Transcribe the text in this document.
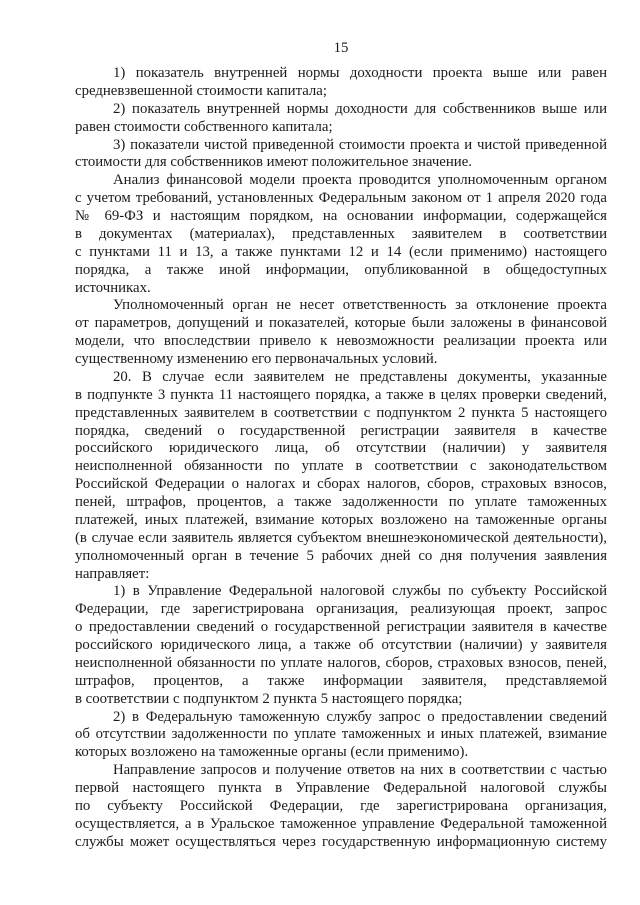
15
1) показатель внутренней нормы доходности проекта выше или равен
средневзвешенной стоимости капитала;
2) показатель внутренней нормы доходности для собственников выше или
равен стоимости собственного капитала;
3) показатели чистой приведенной стоимости проекта и чистой приведенной
стоимости для собственников имеют положительное значение.
Анализ финансовой модели проекта проводится уполномоченным органом
с учетом требований, установленных Федеральным законом от 1 апреля 2020 года
№ 69-ФЗ и настоящим порядком, на основании информации, содержащейся
в документах (материалах), представленных заявителем в соответствии
с пунктами 11 и 13, а также пунктами 12 и 14 (если применимо) настоящего
порядка, а также иной информации, опубликованной в общедоступных
источниках.
Уполномоченный орган не несет ответственность за отклонение проекта
от параметров, допущений и показателей, которые были заложены в финансовой
модели, что впоследствии привело к невозможности реализации проекта или
существенному изменению его первоначальных условий.
20. В случае если заявителем не представлены документы, указанные
в подпункте 3 пункта 11 настоящего порядка, а также в целях проверки сведений,
представленных заявителем в соответствии с подпунктом 2 пункта 5 настоящего
порядка, сведений о государственной регистрации заявителя в качестве
российского юридического лица, об отсутствии (наличии) у заявителя
неисполненной обязанности по уплате в соответствии с законодательством
Российской Федерации о налогах и сборах налогов, сборов, страховых взносов,
пеней, штрафов, процентов, а также задолженности по уплате таможенных
платежей, иных платежей, взимание которых возложено на таможенные органы
(в случае если заявитель является субъектом внешнеэкономической деятельности),
уполномоченный орган в течение 5 рабочих дней со дня получения заявления
направляет:
1) в Управление Федеральной налоговой службы по субъекту Российской
Федерации, где зарегистрирована организация, реализующая проект, запрос
о предоставлении сведений о государственной регистрации заявителя в качестве
российского юридического лица, а также об отсутствии (наличии) у заявителя
неисполненной обязанности по уплате налогов, сборов, страховых взносов, пеней,
штрафов, процентов, а также информации заявителя, представляемой
в соответствии с подпунктом 2 пункта 5 настоящего порядка;
2) в Федеральную таможенную службу запрос о предоставлении сведений
об отсутствии задолженности по уплате таможенных и иных платежей, взимание
которых возложено на таможенные органы (если применимо).
Направление запросов и получение ответов на них в соответствии с частью
первой настоящего пункта в Управление Федеральной налоговой службы
по субъекту Российской Федерации, где зарегистрирована организация,
осуществляется, а в Уральское таможенное управление Федеральной таможенной
службы может осуществляться через государственную информационную систему
